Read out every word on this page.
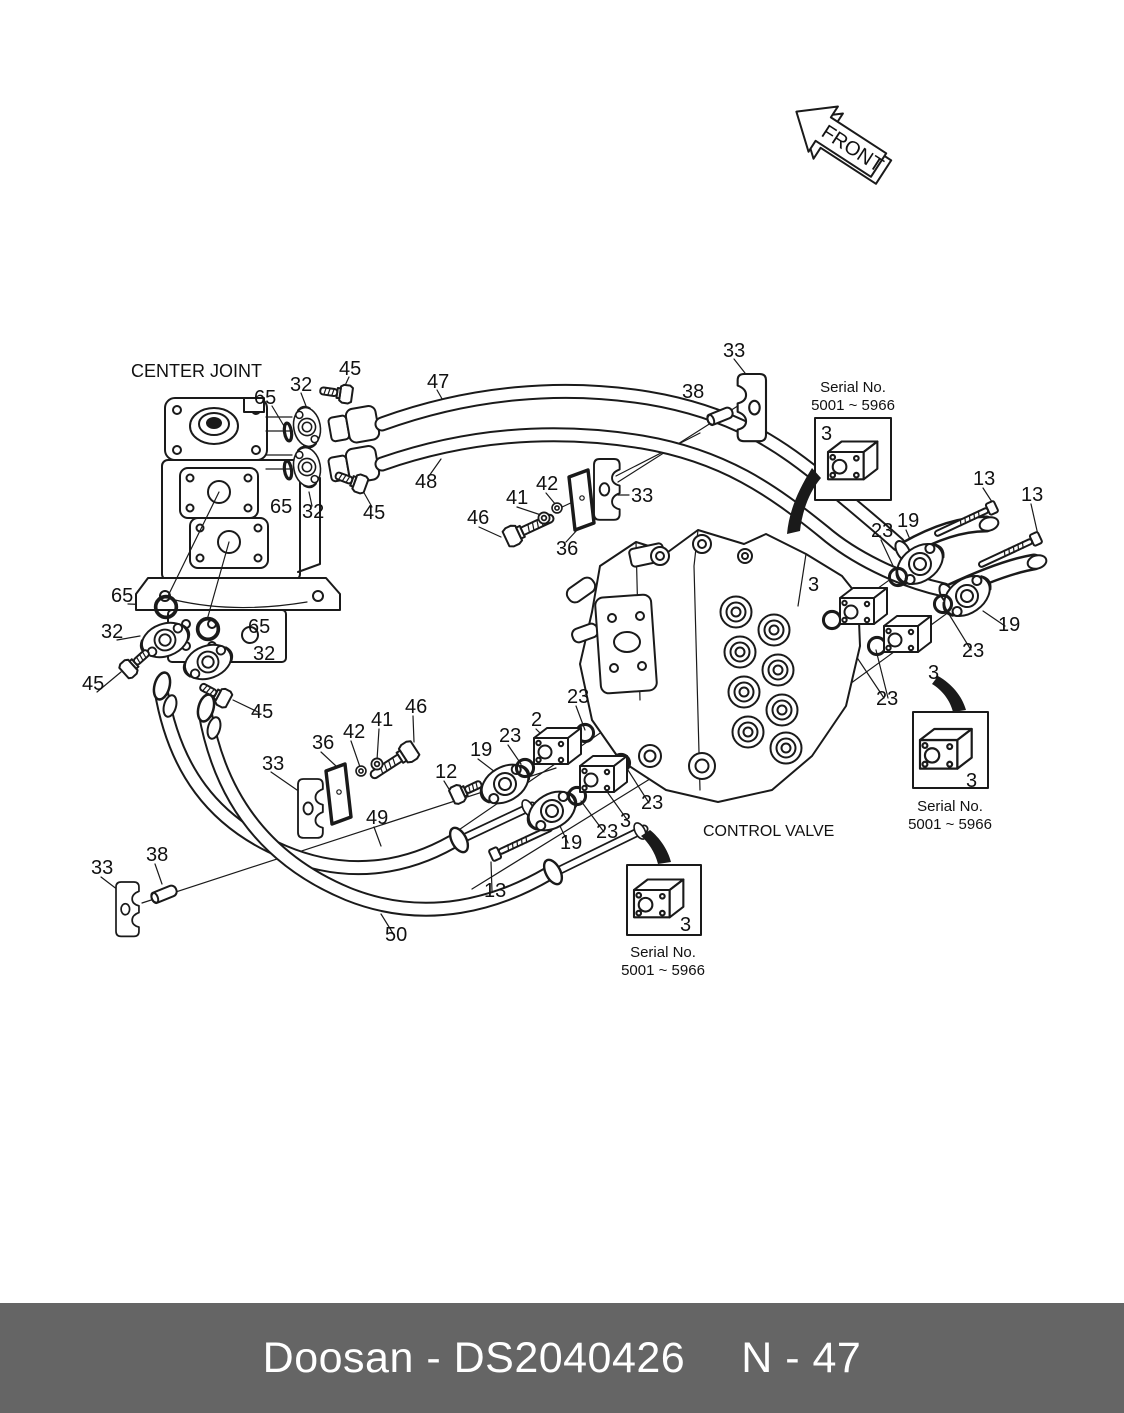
FRONT
CENTER JOINT
65
32
45
47
48
65 32 45
33
38	Serial No.
5001 ~ 5966
3
46
41
42
36
33
13
13
23 19
19
23
3
3
23
65
32	65
32
45
45
23
2
23
46
41
42
36
33	12
19
49
23 3
23
19
13
38
33
50
CONTROL VALVE
3
Serial No.
5001 ~ 5966
3
Serial No.
5001 ~ 5966
Doosan - DS2040426 N - 47
